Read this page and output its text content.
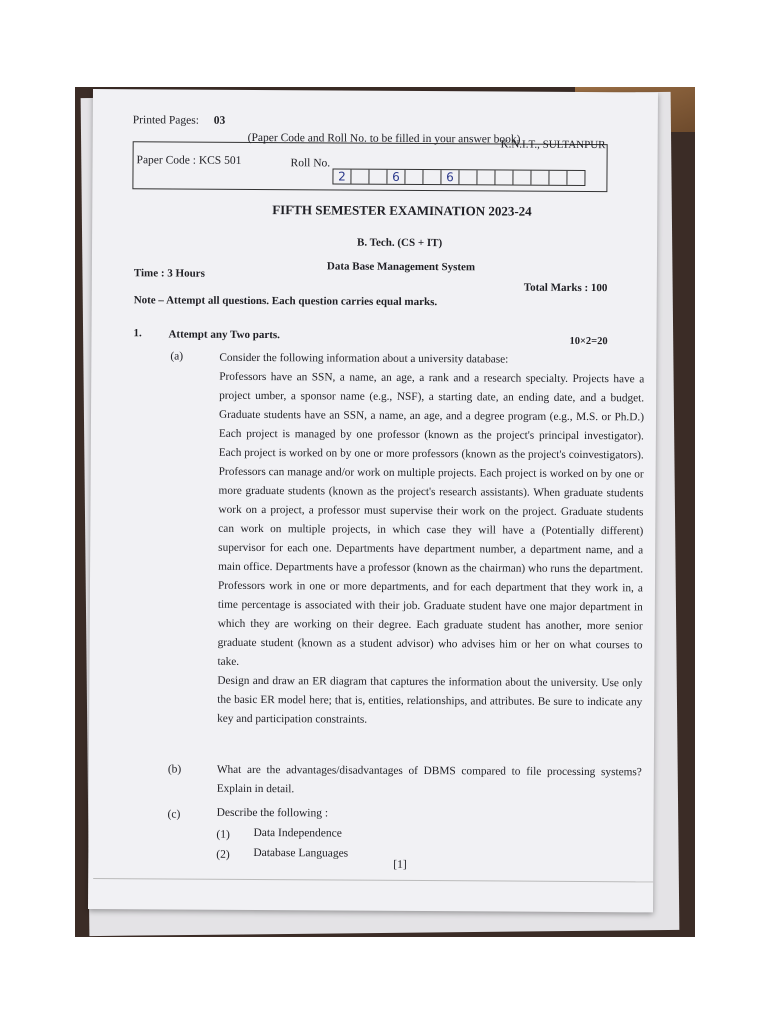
Printed Pages: 03
(Paper Code and Roll No. to be filled in your answer book)
K.N.I.T., SULTANPUR
Paper Code : KCS 501	Roll No.
2	6	6
FIFTH SEMESTER EXAMINATION 2023-24
B. Tech. (CS + IT)
Data Base Management System
Time : 3 Hours
Total Marks : 100
Note – Attempt all questions. Each question carries equal marks.
1. Attempt any Two parts.
10×2=20
(a)	Consider the following information about a university database:

Professors have an SSN, a name, an age, a rank and a research specialty. Projects have a project umber, a sponsor name (e.g., NSF), a starting date, an ending date, and a budget. Graduate students have an SSN, a name, an age, and a degree program (e.g., M.S. or Ph.D.) Each project is managed by one professor (known as the project's principal investigator). Each project is worked on by one or more professors (known as the project's coinvestigators). Professors can manage and/or work on multiple projects. Each project is worked on by one or more graduate students (known as the project's research assistants). When graduate students work on a project, a professor must supervise their work on the project. Graduate students can work on multiple projects, in which case they will have a (Potentially different) supervisor for each one. Departments have department number, a department name, and a main office. Departments have a professor (known as the chairman) who runs the department. Professors work in one or more departments, and for each department that they work in, a time percentage is associated with their job. Graduate student have one major department in which they are working on their degree. Each graduate student has another, more senior graduate student (known as a student advisor) who advises him or her on what courses to take.

Design and draw an ER diagram that captures the information about the university. Use only the basic ER model here; that is, entities, relationships, and attributes. Be sure to indicate any key and participation constraints.

(b)	What are the advantages/disadvantages of DBMS compared to file processing systems? Explain in detail.
(c)	Describe the following :
(1) Data Independence
(2) Database Languages
[1]
